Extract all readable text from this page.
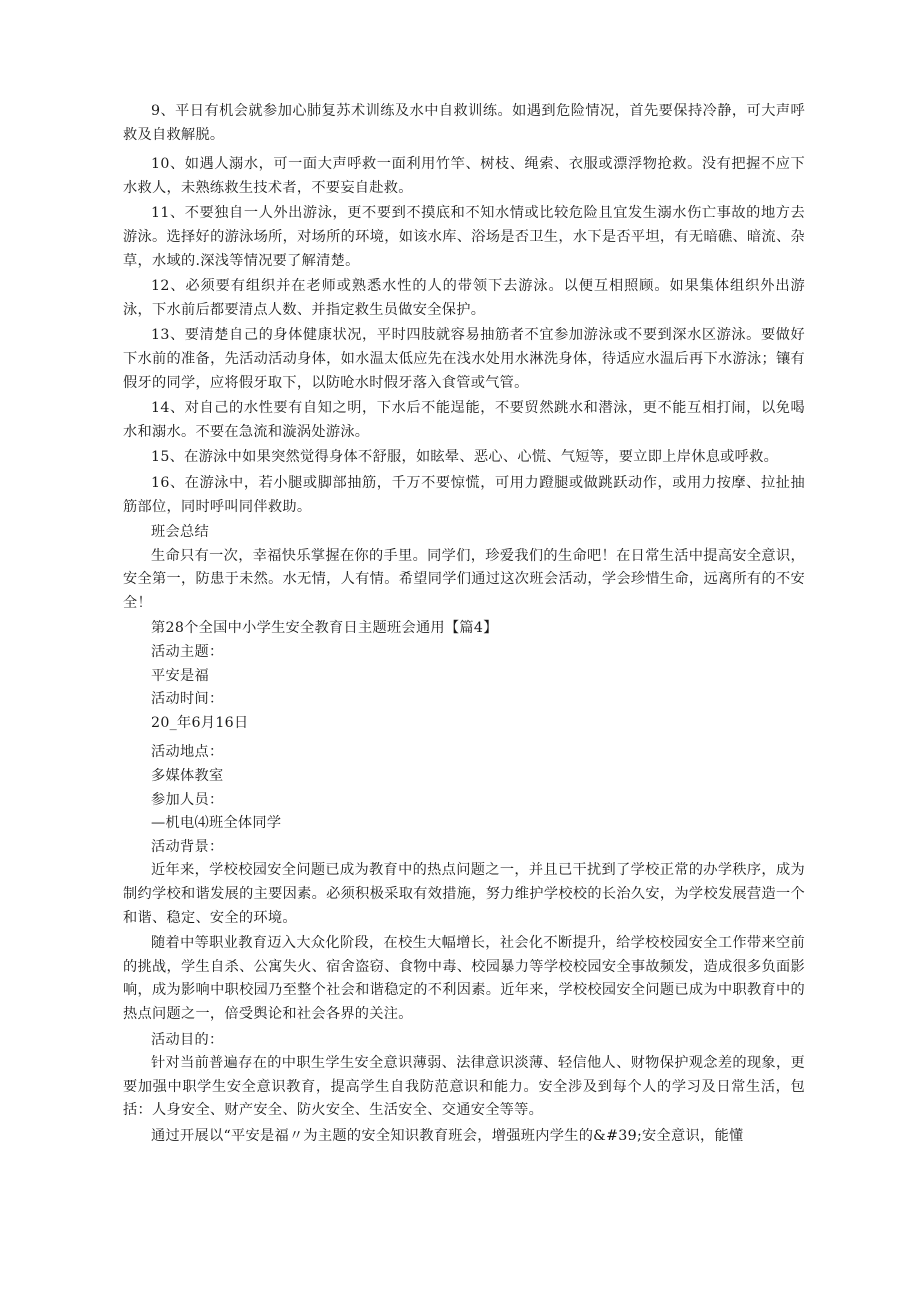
9、平日有机会就参加心肺复苏术训练及水中自救训练。如遇到危险情况，首先要保持冷静，可大声呼救及自救解脱。

10、如遇人溺水，可一面大声呼救一面利用竹竿、树枝、绳索、衣服或漂浮物抢救。没有把握不应下水救人，未熟练救生技术者，不要妄自赴救。

11、不要独自一人外出游泳，更不要到不摸底和不知水情或比较危险且宜发生溺水伤亡事故的地方去游泳。选择好的游泳场所，对场所的环境，如该水库、浴场是否卫生，水下是否平坦，有无暗礁、暗流、杂草，水域的.深浅等情况要了解清楚。

12、必须要有组织并在老师或熟悉水性的人的带领下去游泳。以便互相照顾。如果集体组织外出游泳，下水前后都要清点人数、并指定救生员做安全保护。

13、要清楚自己的身体健康状况，平时四肢就容易抽筋者不宜参加游泳或不要到深水区游泳。要做好下水前的准备，先活动活动身体，如水温太低应先在浅水处用水淋洗身体，待适应水温后再下水游泳；镶有假牙的同学，应将假牙取下，以防呛水时假牙落入食管或气管。

14、对自己的水性要有自知之明，下水后不能逞能，不要贸然跳水和潜泳，更不能互相打闹，以免喝水和溺水。不要在急流和漩涡处游泳。

15、在游泳中如果突然觉得身体不舒服，如眩晕、恶心、心慌、气短等，要立即上岸休息或呼救。

16、在游泳中，若小腿或脚部抽筋，千万不要惊慌，可用力蹬腿或做跳跃动作，或用力按摩、拉扯抽筋部位，同时呼叫同伴救助。

班会总结

生命只有一次，幸福快乐掌握在你的手里。同学们，珍爱我们的生命吧！在日常生活中提高安全意识，安全第一，防患于未然。水无情，人有情。希望同学们通过这次班会活动，学会珍惜生命，远离所有的不安全！

第28个全国中小学生安全教育日主题班会通用【篇4】

活动主题：

平安是福

活动时间：

20_年6月16日

活动地点：

多媒体教室

参加人员：

—机电⑷班全体同学

活动背景：

近年来，学校校园安全问题已成为教育中的热点问题之一，并且已干扰到了学校正常的办学秩序，成为制约学校和谐发展的主要因素。必须积极采取有效措施，努力维护学校校的长治久安，为学校发展营造一个和谐、稳定、安全的环境。

随着中等职业教育迈入大众化阶段，在校生大幅增长，社会化不断提升，给学校校园安全工作带来空前的挑战，学生自杀、公寓失火、宿舍盗窃、食物中毒、校园暴力等学校校园安全事故频发，造成很多负面影响，成为影响中职校园乃至整个社会和谐稳定的不利因素。近年来，学校校园安全问题已成为中职教育中的热点问题之一，倍受舆论和社会各界的关注。

活动目的：

针对当前普遍存在的中职生学生安全意识薄弱、法律意识淡薄、轻信他人、财物保护观念差的现象，更要加强中职学生安全意识教育，提高学生自我防范意识和能力。安全涉及到每个人的学习及日常生活，包括：人身安全、财产安全、防火安全、生活安全、交通安全等等。

通过开展以“平安是福〃为主题的安全知识教育班会，增强班内学生的&#39;安全意识，能懂
